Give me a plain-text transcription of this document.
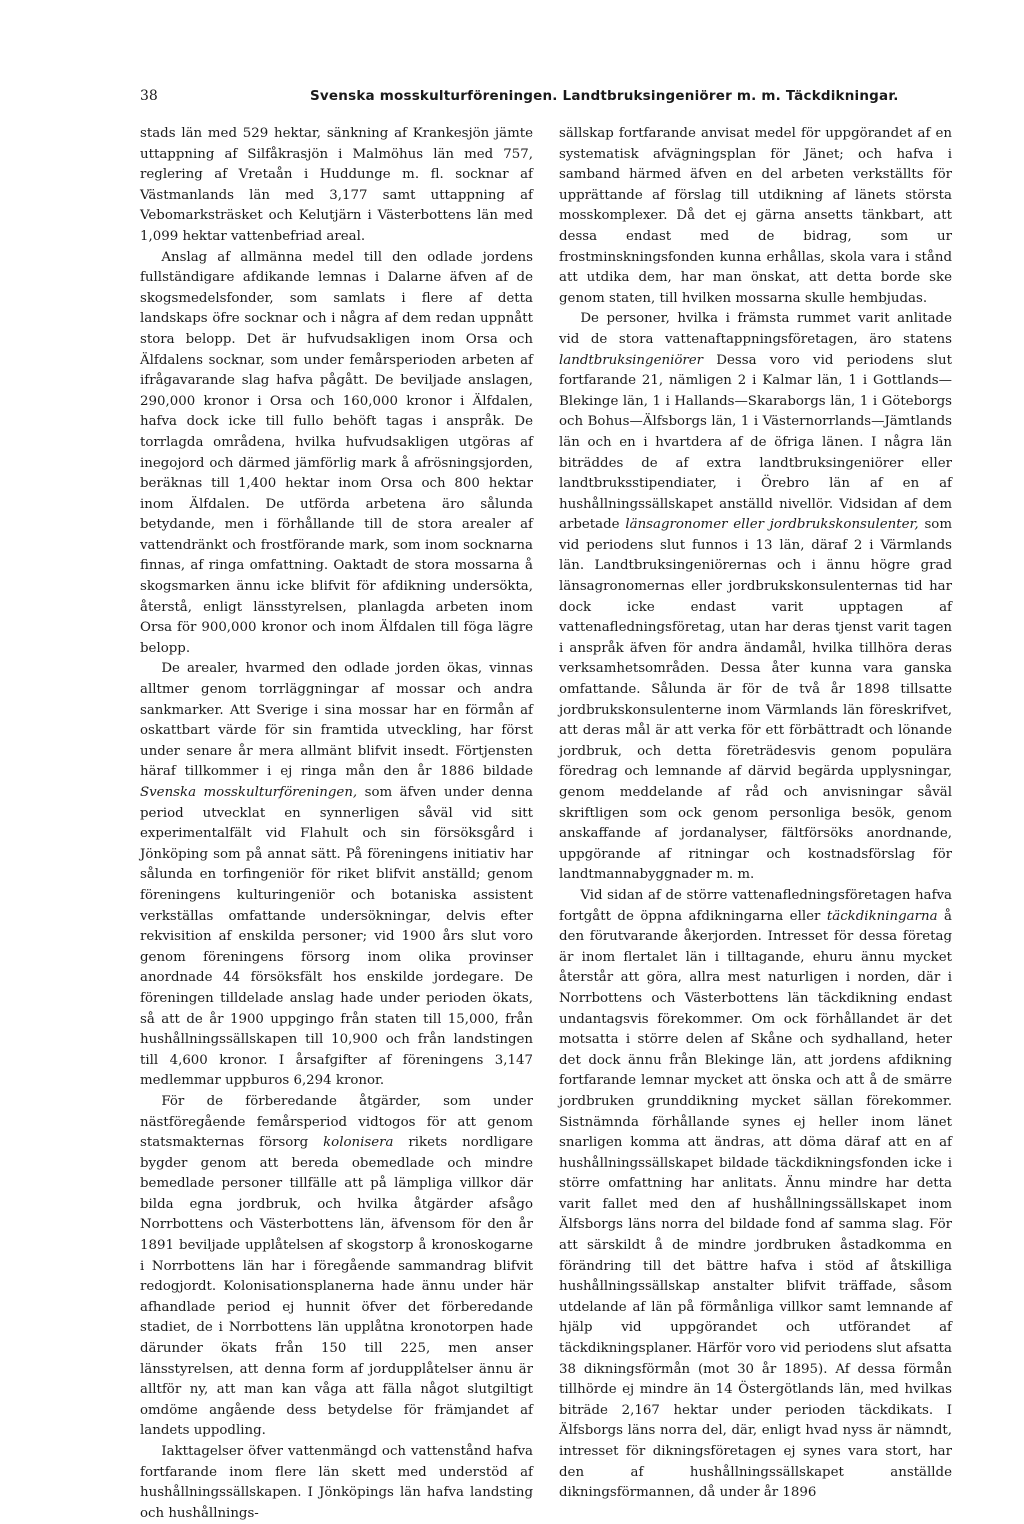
38	Svenska mosskulturföreningen. Landtbruksingeniörer m. m. Täckdikningar.

stads län med 529 hektar, sänkning af Krankesjön jämte uttappning af Silfåkrasjön i Malmöhus län med 757, reglering af Vretaån i Huddunge m. fl. socknar af Västmanlands län med 3,177 samt uttappning af Vebomarksträsket och Kelutjärn i Västerbottens län med 1,099 hektar vattenbefriad areal.

Anslag af allmänna medel till den odlade jordens fullständigare afdikande lemnas i Dalarne äfven af de skogsmedelsfonder, som samlats i flere af detta landskaps öfre socknar och i några af dem redan uppnått stora belopp. Det är hufvudsakligen inom Orsa och Älfdalens socknar, som under femårsperioden arbeten af ifrågavarande slag hafva pågått. De beviljade anslagen, 290,000 kronor i Orsa och 160,000 kronor i Älfdalen, hafva dock icke till fullo behöft tagas i anspråk. De torrlagda områdena, hvilka hufvudsakligen utgöras af inegojord och därmed jämförlig mark å afrösningsjorden, beräknas till 1,400 hektar inom Orsa och 800 hektar inom Älfdalen. De utförda arbetena äro sålunda betydande, men i förhållande till de stora arealer af vattendränkt och frostförande mark, som inom socknarna finnas, af ringa omfattning. Oaktadt de stora mossarna å skogsmarken ännu icke blifvit för afdikning undersökta, återstå, enligt länsstyrelsen, planlagda arbeten inom Orsa för 900,000 kronor och inom Älfdalen till föga lägre belopp.

De arealer, hvarmed den odlade jorden ökas, vinnas alltmer genom torrläggningar af mossar och andra sankmarker. Att Sverige i sina mossar har en förmån af oskattbart värde för sin framtida utveckling, har först under senare år mera allmänt blifvit insedt. Förtjensten häraf tillkommer i ej ringa mån den år 1886 bildade Svenska mosskulturföreningen, som äfven under denna period utvecklat en synnerligen såväl vid sitt experimentalfält vid Flahult och sin försöksgård i Jönköping som på annat sätt. På föreningens initiativ har sålunda en torfingeniör för riket blifvit anställd; genom föreningens kulturingeniör och botaniska assistent verkställas omfattande undersökningar, delvis efter rekvisition af enskilda personer; vid 1900 års slut voro genom föreningens försorg inom olika provinser anordnade 44 försöksfält hos enskilde jordegare. De föreningen tilldelade anslag hade under perioden ökats, så att de år 1900 uppgingo från staten till 15,000, från hushållningssällskapen till 10,900 och från landstingen till 4,600 kronor. I årsafgifter af föreningens 3,147 medlemmar uppburos 6,294 kronor.

För de förberedande åtgärder, som under nästföregående femårsperiod vidtogos för att genom statsmakternas försorg kolonisera rikets nordligare bygder genom att bereda obemedlade och mindre bemedlade personer tillfälle att på lämpliga villkor där bilda egna jordbruk, och hvilka åtgärder afsågo Norrbottens och Västerbottens län, äfvensom för den år 1891 beviljade upplåtelsen af skogstorp å kronoskogarne i Norrbottens län har i föregående sammandrag blifvit redogjordt. Kolonisationsplanerna hade ännu under här afhandlade period ej hunnit öfver det förberedande stadiet, de i Norrbottens län upplåtna kronotorpen hade därunder ökats från 150 till 225, men anser länsstyrelsen, att denna form af jordupplåtelser ännu är alltför ny, att man kan våga att fälla något slutgiltigt omdöme angående dess betydelse för främjandet af landets uppodling.

Iakttagelser öfver vattenmängd och vattenstånd hafva fortfarande inom flere län skett med understöd af hushållningssällskapen. I Jönköpings län hafva landsting och hushållnings-

sällskap fortfarande anvisat medel för uppgörandet af en systematisk afvägningsplan för Jänet; och hafva i samband härmed äfven en del arbeten verkställts för upprättande af förslag till utdikning af länets största mosskomplexer. Då det ej gärna ansetts tänkbart, att dessa endast med de bidrag, som ur frostminskningsfonden kunna erhållas, skola vara i stånd att utdika dem, har man önskat, att detta borde ske genom staten, till hvilken mossarna skulle hembjudas.

De personer, hvilka i främsta rummet varit anlitade vid de stora vattenaftappningsföretagen, äro statens landtbruksingeniörer Dessa voro vid periodens slut fortfarande 21, nämligen 2 i Kalmar län, 1 i Gottlands—Blekinge län, 1 i Hallands—Skaraborgs län, 1 i Göteborgs och Bohus—Älfsborgs län, 1 i Västernorrlands—Jämtlands län och en i hvartdera af de öfriga länen. I några län biträddes de af extra landtbruksingeniörer eller landtbruksstipendiater, i Örebro län af en af hushållningssällskapet anställd nivellör. Vidsidan af dem arbetade länsagronomer eller jordbrukskonsulenter, som vid periodens slut funnos i 13 län, däraf 2 i Värmlands län. Landtbruksingeniörernas och i ännu högre grad länsagronomernas eller jordbrukskonsulenternas tid har dock icke endast varit upptagen af vattenafledningsföretag, utan har deras tjenst varit tagen i anspråk äfven för andra ändamål, hvilka tillhöra deras verksamhetsområden. Dessa åter kunna vara ganska omfattande. Sålunda är för de två år 1898 tillsatte jordbrukskonsulenterne inom Värmlands län föreskrifvet, att deras mål är att verka för ett förbättradt och lönande jordbruk, och detta företrädesvis genom populära föredrag och lemnande af därvid begärda upplysningar, genom meddelande af råd och anvisningar såväl skriftligen som ock genom personliga besök, genom anskaffande af jordanalyser, fältförsöks anordnande, uppgörande af ritningar och kostnadsförslag för landtmannabyggnader m. m.

Vid sidan af de större vattenafledningsföretagen hafva fortgått de öppna afdikningarna eller täckdikningarna å den förutvarande åkerjorden. Intresset för dessa företag är inom flertalet län i tilltagande, ehuru ännu mycket återstår att göra, allra mest naturligen i norden, där i Norrbottens och Västerbottens län täckdikning endast undantagsvis förekommer. Om ock förhållandet är det motsatta i större delen af Skåne och sydhalland, heter det dock ännu från Blekinge län, att jordens afdikning fortfarande lemnar mycket att önska och att å de smärre jordbruken grunddikning mycket sällan förekommer. Sistnämnda förhållande synes ej heller inom länet snarligen komma att ändras, att döma däraf att en af hushållningssällskapet bildade täckdikningsfonden icke i större omfattning har anlitats. Ännu mindre har detta varit fallet med den af hushållningssällskapet inom Älfsborgs läns norra del bildade fond af samma slag. För att särskildt å de mindre jordbruken åstadkomma en förändring till det bättre hafva i stöd af åtskilliga hushållningssällskap anstalter blifvit träffade, såsom utdelande af län på förmånliga villkor samt lemnande af hjälp vid uppgörandet och utförandet af täckdikningsplaner. Härför voro vid periodens slut afsatta 38 dikningsförmån (mot 30 år 1895). Af dessa förmån tillhörde ej mindre än 14 Östergötlands län, med hvilkas biträde 2,167 hektar under perioden täckdikats. I Älfsborgs läns norra del, där, enligt hvad nyss är nämndt, intresset för dikningsföretagen ej synes vara stort, har den af hushållningssällskapet anställde dikningsförmannen, då under år 1896
